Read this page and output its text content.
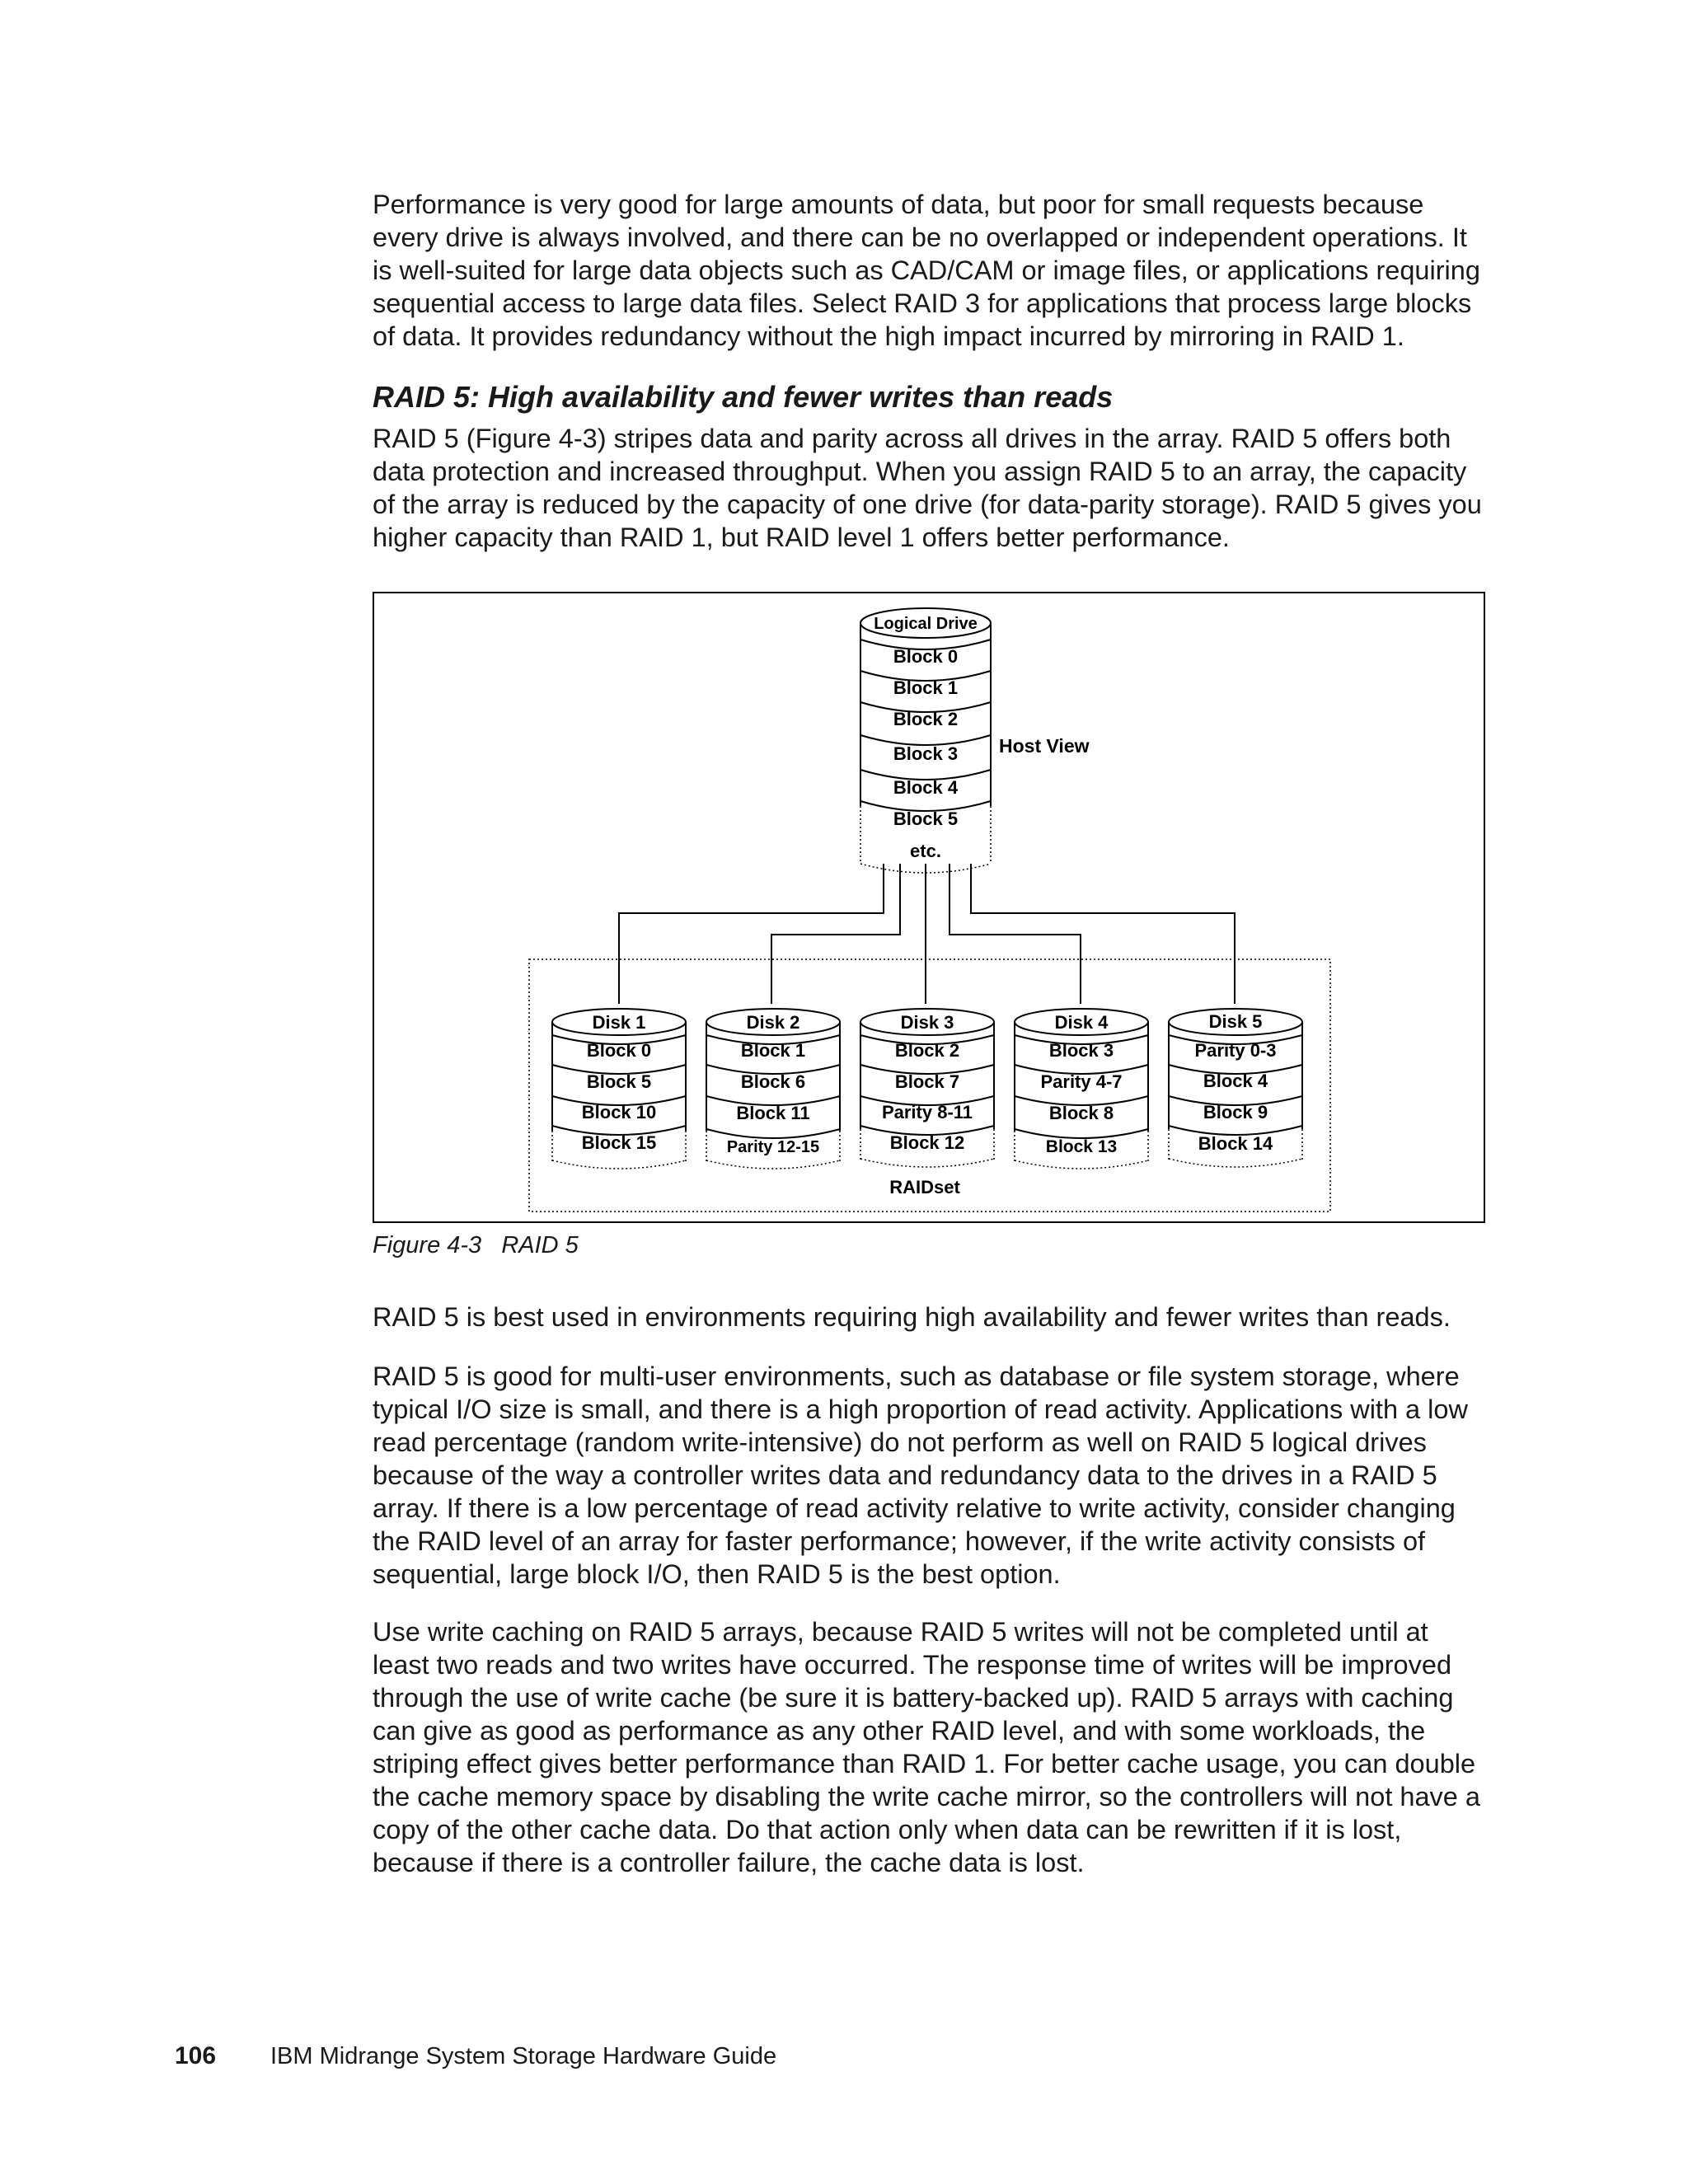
Performance is very good for large amounts of data, but poor for small requests because
every drive is always involved, and there can be no overlapped or independent operations. It
is well-suited for large data objects such as CAD/CAM or image files, or applications requiring
sequential access to large data files. Select RAID 3 for applications that process large blocks
of data. It provides redundancy without the high impact incurred by mirroring in RAID 1.

RAID 5: High availability and fewer writes than reads

RAID 5 (Figure 4-3) stripes data and parity across all drives in the array. RAID 5 offers both
data protection and increased throughput. When you assign RAID 5 to an array, the capacity
of the array is reduced by the capacity of one drive (for data-parity storage). RAID 5 gives you
higher capacity than RAID 1, but RAID level 1 offers better performance.

Logical Drive
Block 0
Block 1
Block 2
Block 3
Block 4
Block 5
etc.
Host View
Disk 1
Block 0
Block 5
Block 10
Block 15
Disk 2
Block 1
Block 6
Block 11
Parity 12-15
Disk 3
Block 2
Block 7
Parity 8-11
Block 12
Disk 4
Block 3
Parity 4-7
Block 8
Block 13
Disk 5
Parity 0-3
Block 4
Block 9
Block 14
RAIDset

Figure 4-3   RAID 5

RAID 5 is best used in environments requiring high availability and fewer writes than reads.

RAID 5 is good for multi-user environments, such as database or file system storage, where
typical I/O size is small, and there is a high proportion of read activity. Applications with a low
read percentage (random write-intensive) do not perform as well on RAID 5 logical drives
because of the way a controller writes data and redundancy data to the drives in a RAID 5
array. If there is a low percentage of read activity relative to write activity, consider changing
the RAID level of an array for faster performance; however, if the write activity consists of
sequential, large block I/O, then RAID 5 is the best option.

Use write caching on RAID 5 arrays, because RAID 5 writes will not be completed until at
least two reads and two writes have occurred. The response time of writes will be improved
through the use of write cache (be sure it is battery-backed up). RAID 5 arrays with caching
can give as good as performance as any other RAID level, and with some workloads, the
striping effect gives better performance than RAID 1. For better cache usage, you can double
the cache memory space by disabling the write cache mirror, so the controllers will not have a
copy of the other cache data. Do that action only when data can be rewritten if it is lost,
because if there is a controller failure, the cache data is lost.

106 IBM Midrange System Storage Hardware Guide
